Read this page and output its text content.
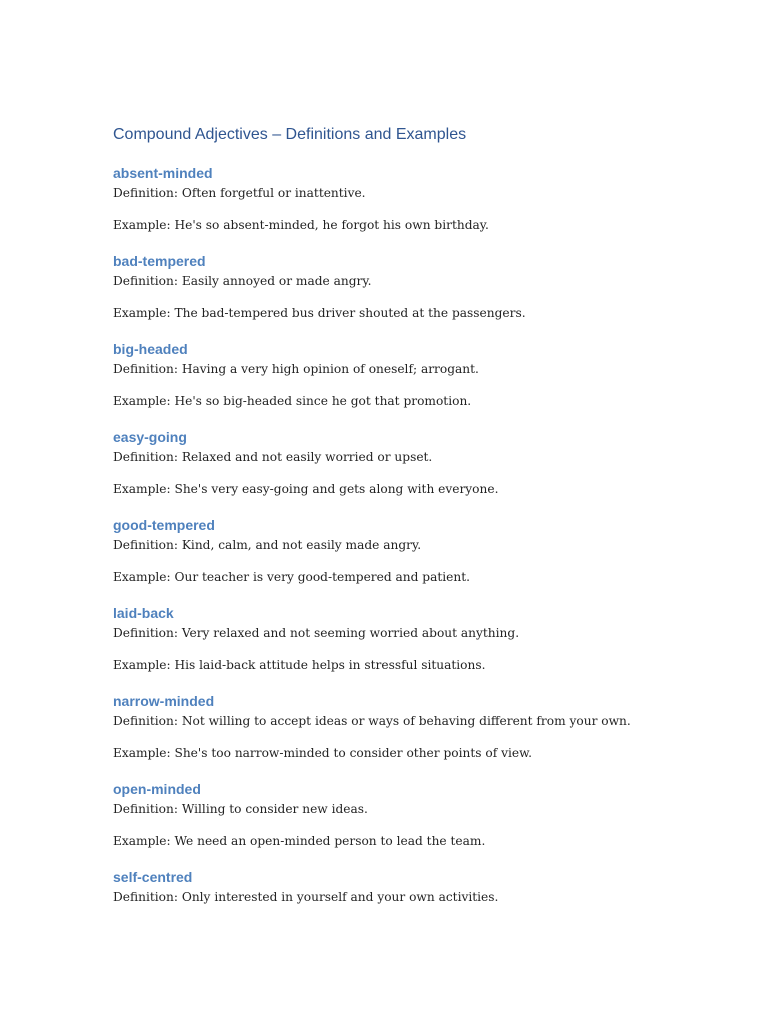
Compound Adjectives – Definitions and Examples
absent-minded

Definition: Often forgetful or inattentive.

Example: He's so absent-minded, he forgot his own birthday.

bad-tempered

Definition: Easily annoyed or made angry.

Example: The bad-tempered bus driver shouted at the passengers.

big-headed

Definition: Having a very high opinion of oneself; arrogant.

Example: He's so big-headed since he got that promotion.

easy-going

Definition: Relaxed and not easily worried or upset.

Example: She's very easy-going and gets along with everyone.

good-tempered

Definition: Kind, calm, and not easily made angry.

Example: Our teacher is very good-tempered and patient.

laid-back

Definition: Very relaxed and not seeming worried about anything.

Example: His laid-back attitude helps in stressful situations.

narrow-minded

Definition: Not willing to accept ideas or ways of behaving different from your own.

Example: She's too narrow-minded to consider other points of view.

open-minded

Definition: Willing to consider new ideas.

Example: We need an open-minded person to lead the team.

self-centred

Definition: Only interested in yourself and your own activities.
